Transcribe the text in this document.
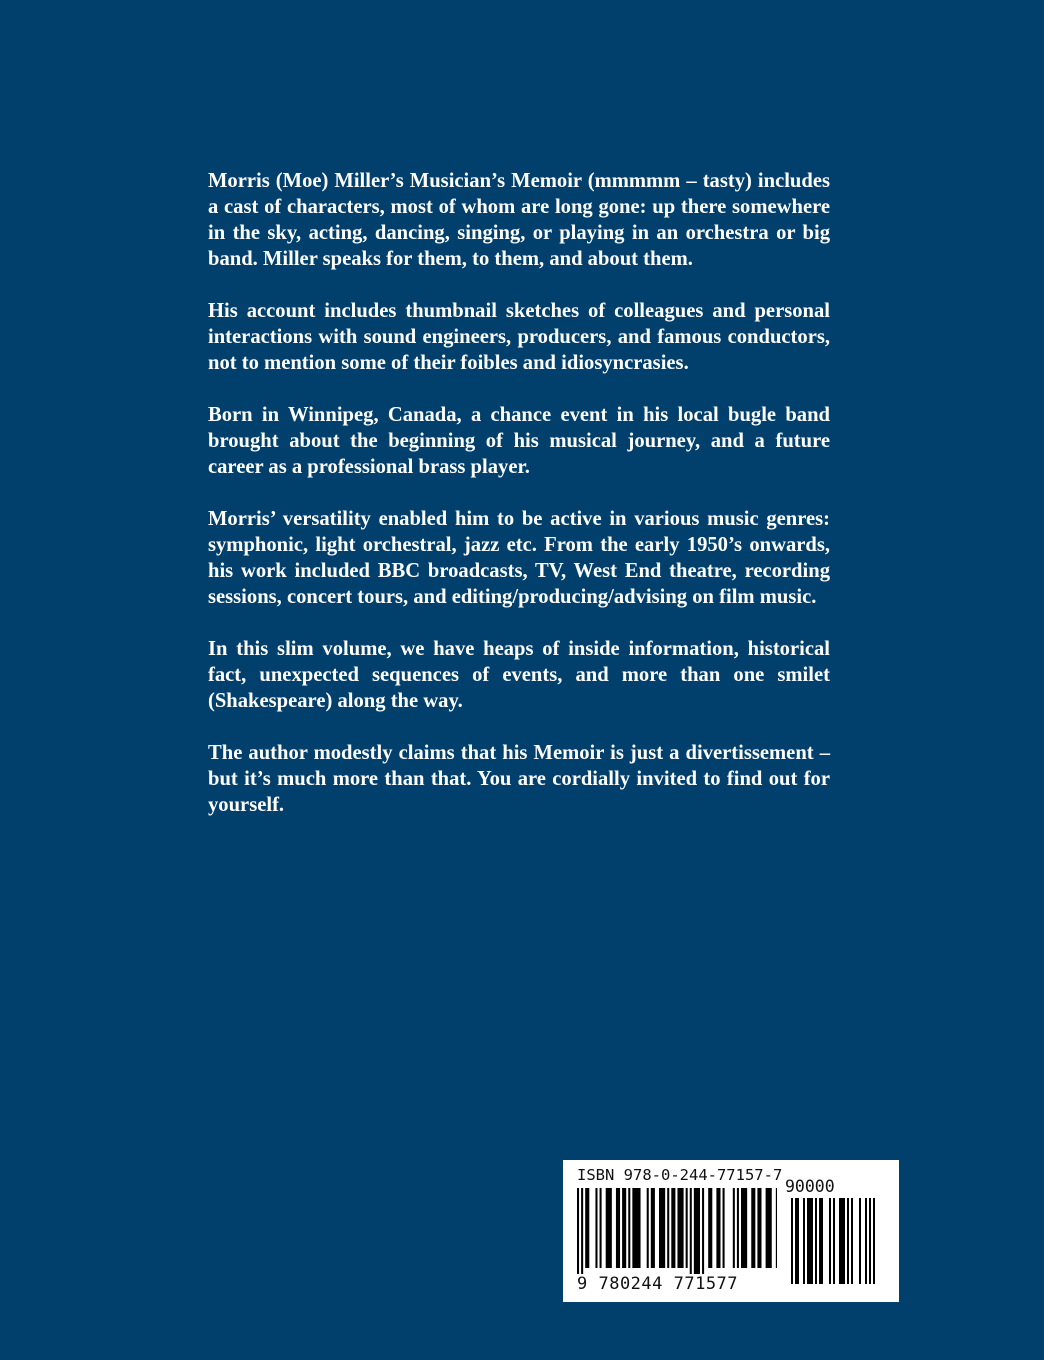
Morris (Moe) Miller’s Musician’s Memoir (mmmmm – tasty) includes a cast of characters, most of whom are long gone: up there somewhere in the sky, acting, dancing, singing, or playing in an orchestra or big band. Miller speaks for them, to them, and about them.

His account includes thumbnail sketches of colleagues and personal interactions with sound engineers, producers, and famous conductors, not to mention some of their foibles and idiosyncrasies.

Born in Winnipeg, Canada, a chance event in his local bugle band brought about the beginning of his musical journey, and a future career as a professional brass player.

Morris’ versatility enabled him to be active in various music genres: symphonic, light orchestral, jazz etc. From the early 1950’s onwards, his work included BBC broadcasts, TV, West End theatre, recording sessions, concert tours, and editing/producing/advising on film music.

In this slim volume, we have heaps of inside information, historical fact, unexpected sequences of events, and more than one smilet (Shakespeare) along the way.

The author modestly claims that his Memoir is just a divertissement – but it’s much more than that. You are cordially invited to find out for yourself.

ISBN 978-0-244-77157-7
90000
9 780244 771577
